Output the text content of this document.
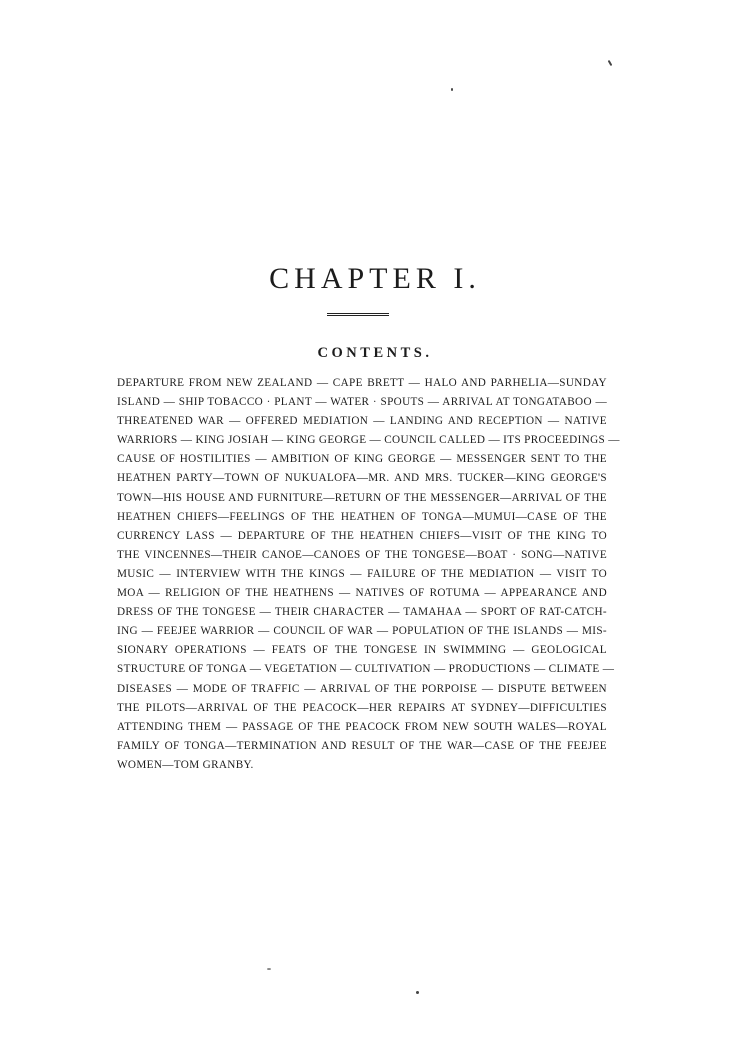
CHAPTER I.
CONTENTS.
DEPARTURE FROM NEW ZEALAND — CAPE BRETT — HALO AND PARHELIA—SUNDAY
ISLAND — SHIP TOBACCO · PLANT — WATER · SPOUTS — ARRIVAL AT TONGATABOO —
THREATENED WAR — OFFERED MEDIATION — LANDING AND RECEPTION — NATIVE
WARRIORS — KING JOSIAH — KING GEORGE — COUNCIL CALLED — ITS PROCEEDINGS —
CAUSE OF HOSTILITIES — AMBITION OF KING GEORGE — MESSENGER SENT TO THE
HEATHEN PARTY—TOWN OF NUKUALOFA—MR. AND MRS. TUCKER—KING GEORGE'S
TOWN—HIS HOUSE AND FURNITURE—RETURN OF THE MESSENGER—ARRIVAL OF THE
HEATHEN CHIEFS—FEELINGS OF THE HEATHEN OF TONGA—MUMUI—CASE OF THE
CURRENCY LASS — DEPARTURE OF THE HEATHEN CHIEFS—VISIT OF THE KING TO
THE VINCENNES—THEIR CANOE—CANOES OF THE TONGESE—BOAT · SONG—NATIVE
MUSIC — INTERVIEW WITH THE KINGS — FAILURE OF THE MEDIATION — VISIT TO
MOA — RELIGION OF THE HEATHENS — NATIVES OF ROTUMA — APPEARANCE AND
DRESS OF THE TONGESE — THEIR CHARACTER — TAMAHAA — SPORT OF RAT-CATCH-
ING — FEEJEE WARRIOR — COUNCIL OF WAR — POPULATION OF THE ISLANDS — MIS-
SIONARY OPERATIONS — FEATS OF THE TONGESE IN SWIMMING — GEOLOGICAL
STRUCTURE OF TONGA — VEGETATION — CULTIVATION — PRODUCTIONS — CLIMATE —
DISEASES — MODE OF TRAFFIC — ARRIVAL OF THE PORPOISE — DISPUTE BETWEEN
THE PILOTS—ARRIVAL OF THE PEACOCK—HER REPAIRS AT SYDNEY—DIFFICULTIES
ATTENDING THEM — PASSAGE OF THE PEACOCK FROM NEW SOUTH WALES—ROYAL
FAMILY OF TONGA—TERMINATION AND RESULT OF THE WAR—CASE OF THE FEEJEE
WOMEN—TOM GRANBY.
